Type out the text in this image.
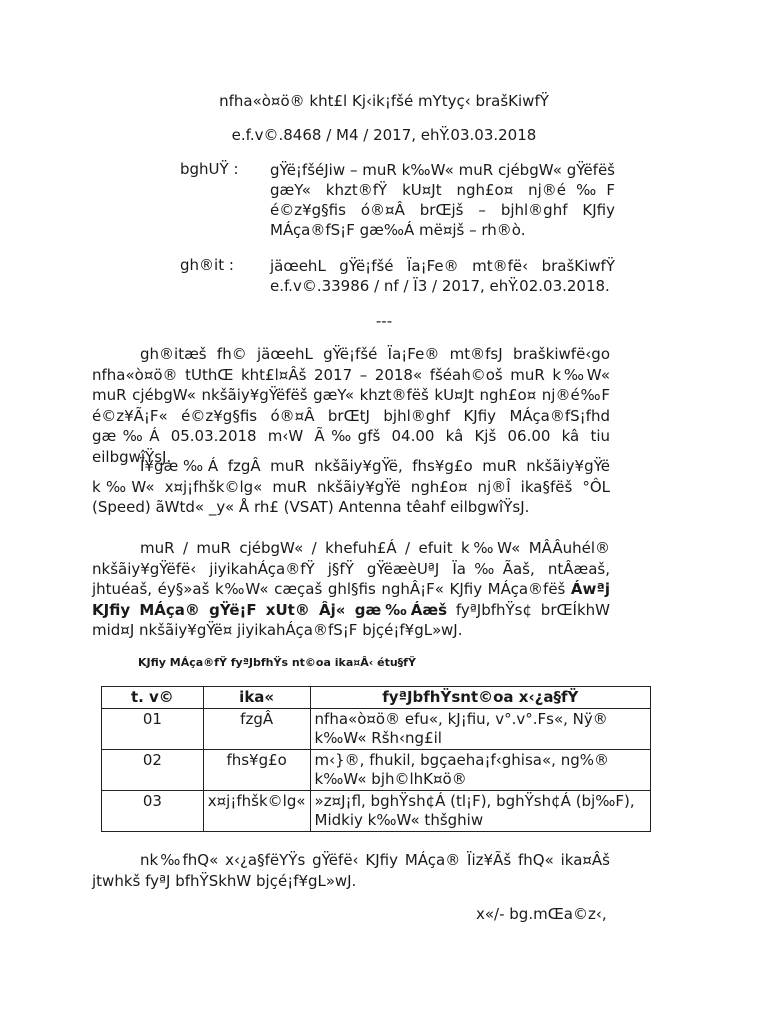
nfha«ò¤ö® kht£l Kj‹ik¡fšé mYtyç‹ brašKiwfŸ
e.f.v©.8468 / M4 / 2017, ehŸ.03.03.2018
bghUŸ : gŸë¡fšé‌Jiw – muR k‰W« muR cjébgW« gŸëfëš gæY« khzt®fŸ kU¤Jt ngh£o¤ nj®é‰F é©z¥g§fis ó®¤Â brŒjš – bjhl®ghf KJfiy MÁça®fS¡F gæ‰Á më¤jš – rh®ò.
gh®it : jäœehL gŸë¡fšé Ïa¡Fe® mt®fë‹ brašKiwfŸ e.f.v©.33986 / nf / Ï3 / 2017, ehŸ.02.03.2018.
---

gh®itæš fh© jäœehL gŸë¡fšé Ïa¡Fe® mt®fsJ braškiwfë‹go nfha«ò¤ö® tUthŒ kht£l¤Âš 2017 – 2018« fšéah©oš muR k‰W« muR cjébgW« nkšãiy¥gŸëfëš gæY« khzt®fëš kU¤Jt ngh£o¤ nj®é‰F é©z¥Ã¡F« é©z¥g§fis ó®¤Â brŒtJ bjhl®ghf KJfiy MÁça®fS¡fhd gæ‰Á 05.03.2018 m‹W Ã‰gfš 04.00 kâ Kjš 06.00 kâ tiu eilbgwîŸsJ.

Ï¥gæ‰Á fzgÂ muR nkšãiy¥gŸë, fhs¥g£o muR nkšãiy¥gŸë k‰W« x¤j¡fhšk©lg« muR nkšãiy¥gŸë ngh£o¤ nj®Î ika§fëš °ÔL (Speed) ãWtd« _y« Å rh£ (VSAT) Antenna têahf eilbgwîŸsJ.

muR / muR cjébgW« / khefuh£Á / efuit k‰W« MÂÂuhél® nkšãiy¥gŸëfë‹ jiyikahÁça®fŸ j§fŸ gŸëæèUªJ Ïa‰Ãaš, ntÂæaš, jhtuéaš, éy§»aš k‰W« cæçaš ghl§fis nghÂ¡F« KJfiy MÁça®fëš Áwªj KJfiy MÁça® gŸë¡F xUt® Âj« gæ‰Áæš fyªJbfhŸs¢ brŒÍkhW mid¤J nkšãiy¥gŸë¤ jiyikahÁça®fS¡F bjçé¡f¥gL»wJ.

KJfiy MÁça®fŸ fyªJbfhŸs nt©oa ika¤Â‹ étu§fŸ
t. v©	ika«	fyªJbfhŸsnt©oa x‹¿a§fŸ
01	fzgÂ	nfha«ò¤ö® efu«, kJ¡fiu, v°.v°.Fs«, Nÿ® k‰W« Ršh‹ng£il
02	fhs¥g£o	m‹}®, fhukil, bgçaeha¡f‹ghisa«, ng%® k‰W« bjh©lhK¤ö®
03	x¤j¡fhšk©lg«	»z¤J¡fl, bghŸsh¢Á (tl¡F), bghŸsh¢Á (bj‰F), Midkiy k‰W« thšghiw

nk‰fhQ« x‹¿a§fëYŸs gŸëfë‹ KJfiy MÁça® Ïiz¥Ãš fhQ« ika¤Âš jtwhkš fyªJ bfhŸSkhW bjçé¡f¥gL»wJ.

x«/- bg.mŒa©z‹,
